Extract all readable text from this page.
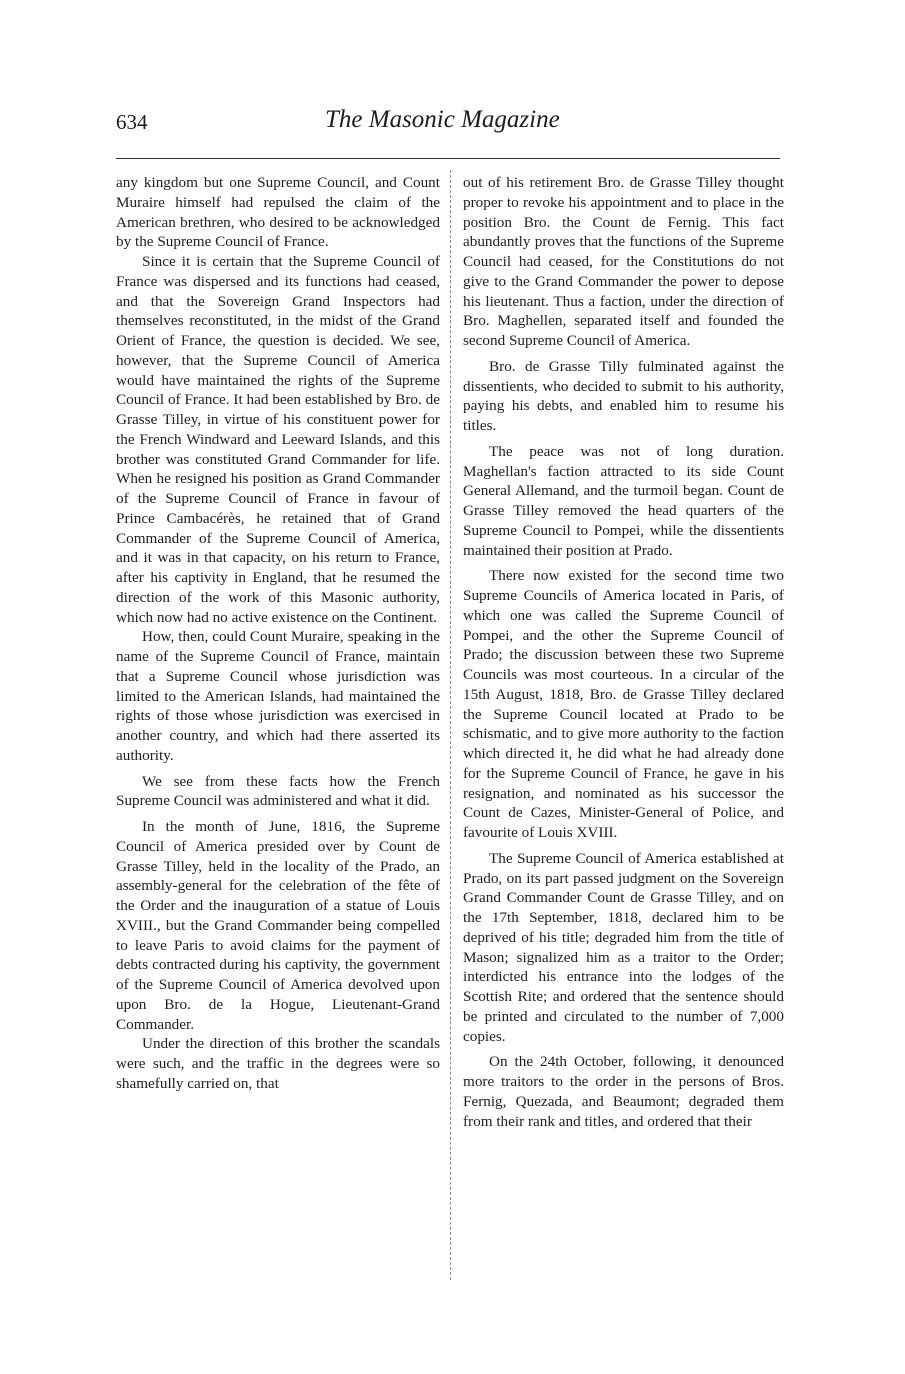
634	The Masonic Magazine

any kingdom but one Supreme Council, and Count Muraire himself had repulsed the claim of the American brethren, who desired to be acknowledged by the Supreme Council of France.

Since it is certain that the Supreme Council of France was dispersed and its functions had ceased, and that the Sovereign Grand Inspectors had themselves reconstituted, in the midst of the Grand Orient of France, the question is decided. We see, however, that the Supreme Council of America would have maintained the rights of the Supreme Council of France. It had been established by Bro. de Grasse Tilley, in virtue of his constituent power for the French Windward and Leeward Islands, and this brother was constituted Grand Commander for life. When he resigned his position as Grand Commander of the Supreme Council of France in favour of Prince Cambacérès, he retained that of Grand Commander of the Supreme Council of America, and it was in that capacity, on his return to France, after his captivity in England, that he resumed the direction of the work of this Masonic authority, which now had no active existence on the Continent.

How, then, could Count Muraire, speaking in the name of the Supreme Council of France, maintain that a Supreme Council whose jurisdiction was limited to the American Islands, had maintained the rights of those whose jurisdiction was exercised in another country, and which had there asserted its authority.

We see from these facts how the French Supreme Council was administered and what it did.

In the month of June, 1816, the Supreme Council of America presided over by Count de Grasse Tilley, held in the locality of the Prado, an assembly-general for the celebration of the fête of the Order and the inauguration of a statue of Louis XVIII., but the Grand Commander being compelled to leave Paris to avoid claims for the payment of debts contracted during his captivity, the government of the Supreme Council of America devolved upon upon Bro. de la Hogue, Lieutenant-Grand Commander.

Under the direction of this brother the scandals were such, and the traffic in the degrees were so shamefully carried on, that

out of his retirement Bro. de Grasse Tilley thought proper to revoke his appointment and to place in the position Bro. the Count de Fernig. This fact abundantly proves that the functions of the Supreme Council had ceased, for the Constitutions do not give to the Grand Commander the power to depose his lieutenant. Thus a faction, under the direction of Bro. Maghellen, separated itself and founded the second Supreme Council of America.

Bro. de Grasse Tilly fulminated against the dissentients, who decided to submit to his authority, paying his debts, and enabled him to resume his titles.

The peace was not of long duration. Maghellan's faction attracted to its side Count General Allemand, and the turmoil began. Count de Grasse Tilley removed the head quarters of the Supreme Council to Pompei, while the dissentients maintained their position at Prado.

There now existed for the second time two Supreme Councils of America located in Paris, of which one was called the Supreme Council of Pompei, and the other the Supreme Council of Prado; the discussion between these two Supreme Councils was most courteous. In a circular of the 15th August, 1818, Bro. de Grasse Tilley declared the Supreme Council located at Prado to be schismatic, and to give more authority to the faction which directed it, he did what he had already done for the Supreme Council of France, he gave in his resignation, and nominated as his successor the Count de Cazes, Minister-General of Police, and favourite of Louis XVIII.

The Supreme Council of America established at Prado, on its part passed judgment on the Sovereign Grand Commander Count de Grasse Tilley, and on the 17th September, 1818, declared him to be deprived of his title; degraded him from the title of Mason; signalized him as a traitor to the Order; interdicted his entrance into the lodges of the Scottish Rite; and ordered that the sentence should be printed and circulated to the number of 7,000 copies.

On the 24th October, following, it denounced more traitors to the order in the persons of Bros. Fernig, Quezada, and Beaumont; degraded them from their rank and titles, and ordered that their
